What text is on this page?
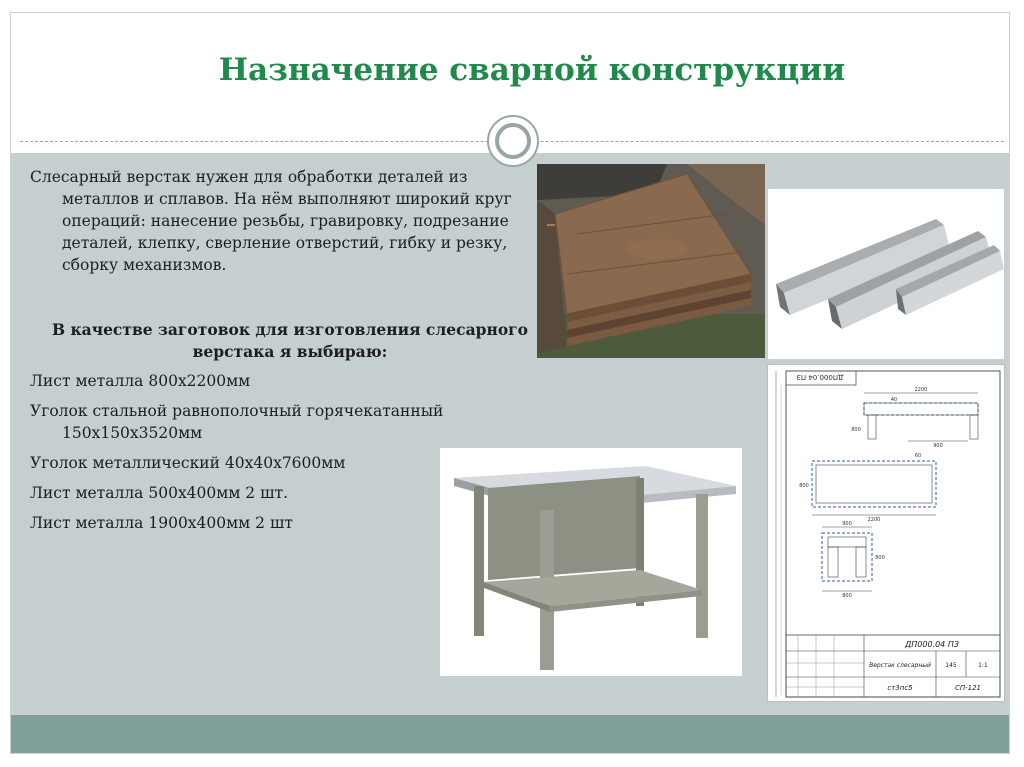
Назначение сварной конструкции

Слесарный верстак нужен для обработки деталей из металлов и сплавов. На нём выполняют широкий круг операций: нанесение резьбы, гравировку, подрезание деталей, клепку, сверление отверстий, гибку и резку, сборку механизмов.

В качестве заготовок для изготовления слесарного верстака я выбираю:

Лист металла 800х2200мм
Уголок стальной равнополочный горячекатанный 150х150х3520мм
Уголок металлический 40х40х7600мм
Лист металла 500х400мм 2 шт.
Лист металла 1900х400мм 2 шт
ДП000.04 ПЗ
2200
40
900
800
2200
800
60
900
800
800
ДП000.04 ПЗ
Верстак слесарный 145	1:1
ст3пс5	СП-121
